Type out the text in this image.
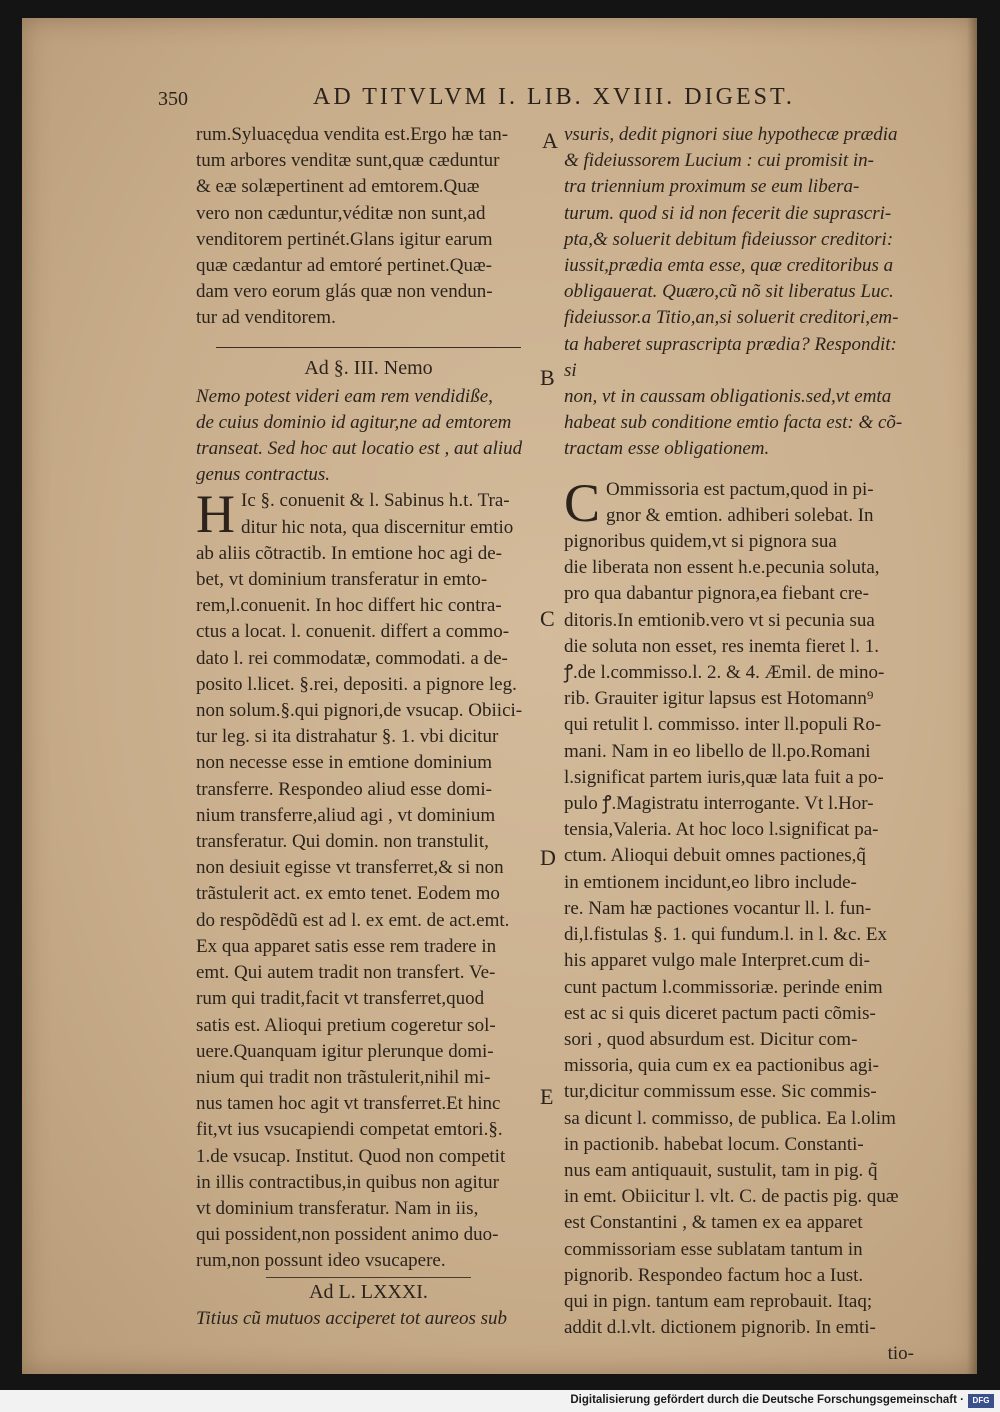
350	AD TITVLVM I. LIB. XVIII. DIGEST.

rum.Syluacędua vendita est.Ergo hæ tan-

tum arbores venditæ sunt,quæ cæduntur

& eæ solæpertinent ad emtorem.Quæ

vero non cæduntur,véditæ non sunt,ad

venditorem pertinét.Glans igitur earum

quæ cædantur ad emtoré pertinet.Quæ-

dam vero eorum glás quæ non vendun-

tur ad venditorem.

Ad §. III. Nemo

Nemo potest videri eam rem vendidiße,

de cuius dominio id agitur,ne ad emtorem

transeat. Sed hoc aut locatio est , aut aliud

genus contractus.

H Ic §. conuenit & l. Sabinus h.t. Tra-

ditur hic nota, qua discernitur emtio

ab aliis cõtractib. In emtione hoc agi de-

bet, vt dominium transferatur in emto-

rem,l.conuenit. In hoc differt hic contra-

ctus a locat. l. conuenit. differt a commo-

dato l. rei commodatæ, commodati. a de-

posito l.licet. §.rei, depositi. a pignore leg.

non solum.§.qui pignori,de vsucap. Obiici-

tur leg. si ita distrahatur §. 1. vbi dicitur

non necesse esse in emtione dominium

transferre. Respondeo aliud esse domi-

nium transferre,aliud agi , vt dominium

transferatur. Qui domin. non transtulit,

non desiuit egisse vt transferret,& si non

trãstulerit act. ex emto tenet. Eodem mo

do respõdẽdũ est ad l. ex emt. de act.emt.

Ex qua apparet satis esse rem tradere in

emt. Qui autem tradit non transfert. Ve-

rum qui tradit,facit vt transferret,quod

satis est. Alioqui pretium cogeretur sol-

uere.Quanquam igitur plerunque domi-

nium qui tradit non trãstulerit,nihil mi-

nus tamen hoc agit vt transferret.Et hinc

fit,vt ius vsucapiendi competat emtori.§.

1.de vsucap. Institut. Quod non competit

in illis contractibus,in quibus non agitur

vt dominium transferatur. Nam in iis,

qui possident,non possident animo duo-

rum,non possunt ideo vsucapere.

Ad L. LXXXI.

Titius cũ mutuos acciperet tot aureos sub

vsuris, dedit pignori siue hypothecæ prædia

& fideiussorem Lucium : cui promisit in-

tra triennium proximum se eum libera-

turum. quod si id non fecerit die suprascri-

pta,& soluerit debitum fideiussor creditori:

iussit,prædia emta esse, quæ creditoribus a

obligauerat. Quæro,cũ nõ sit liberatus Luc.

fideiussor.a Titio,an,si soluerit creditori,em-

ta haberet suprascripta prædia? Respondit: si

non, vt in caussam obligationis.sed,vt emta

habeat sub conditione emtio facta est: & cõ-

tractam esse obligationem.

C Ommissoria est pactum,quod in pi-

gnor & emtion. adhiberi solebat. In

pignoribus quidem,vt si pignora sua

die liberata non essent h.e.pecunia soluta,

pro qua dabantur pignora,ea fiebant cre-

ditoris.In emtionib.vero vt si pecunia sua

die soluta non esset, res inemta fieret l. 1.

ꝭ.de l.commisso.l. 2. & 4. Æmil. de mino-

rib. Grauiter igitur lapsus est Hotomann⁹

qui retulit l. commisso. inter ll.populi Ro-

mani. Nam in eo libello de ll.po.Romani

l.significat partem iuris,quæ lata fuit a po-

pulo ꝭ.Magistratu interrogante. Vt l.Hor-

tensia,Valeria. At hoc loco l.significat pa-

ctum. Alioqui debuit omnes pactiones,q̃

in emtionem incidunt,eo libro include-

re. Nam hæ pactiones vocantur ll. l. fun-

di,l.fistulas §. 1. qui fundum.l. in l. &c. Ex

his apparet vulgo male Interpret.cum di-

cunt pactum l.commissoriæ. perinde enim

est ac si quis diceret pactum pacti cõmis-

sori , quod absurdum est. Dicitur com-

missoria, quia cum ex ea pactionibus agi-

tur,dicitur commissum esse. Sic commis-

sa dicunt l. commisso, de publica. Ea l.olim

in pactionib. habebat locum. Constanti-

nus eam antiquauit, sustulit, tam in pig. q̃

in emt. Obiicitur l. vlt. C. de pactis pig. quæ

est Constantini , & tamen ex ea apparet

commissoriam esse sublatam tantum in

pignorib. Respondeo factum hoc a Iust.

qui in pign. tantum eam reprobauit. Itaq;

addit d.l.vlt. dictionem pignorib. In emti-

tio-

A
B
C
D
E
Digitalisierung gefördert durch die Deutsche Forschungsgemeinschaft ·	DFG
